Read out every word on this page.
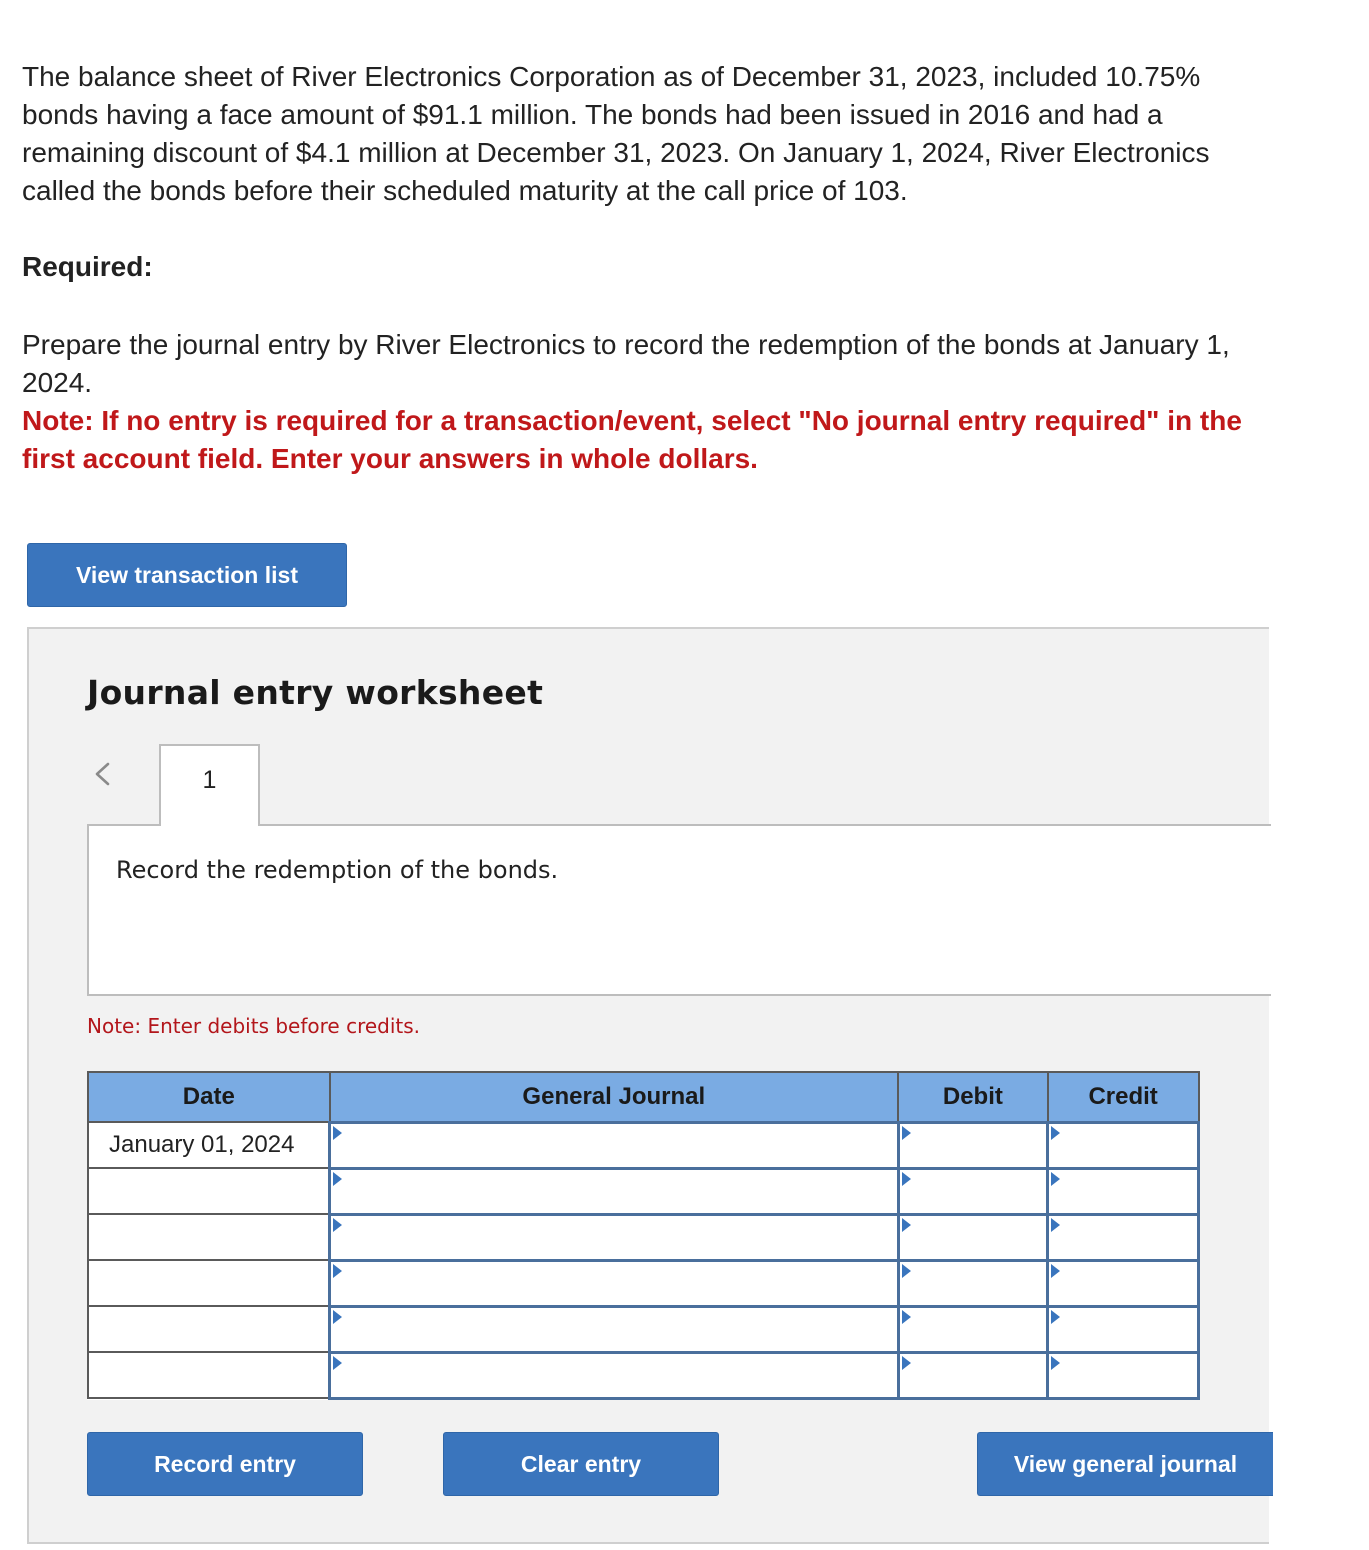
The balance sheet of River Electronics Corporation as of December 31, 2023, included 10.75% bonds having a face amount of $91.1 million. The bonds had been issued in 2016 and had a remaining discount of $4.1 million at December 31, 2023. On January 1, 2024, River Electronics called the bonds before their scheduled maturity at the call price of 103.

Required:

Prepare the journal entry by River Electronics to record the redemption of the bonds at January 1, 2024.

Note: If no entry is required for a transaction/event, select "No journal entry required" in the first account field. Enter your answers in whole dollars.

View transaction list
Journal entry worksheet
1
Record the redemption of the bonds.
Note: Enter debits before credits.
Date	General Journal	Debit	Credit
January 01, 2024	

Record entry	Clear entry	View general journal
